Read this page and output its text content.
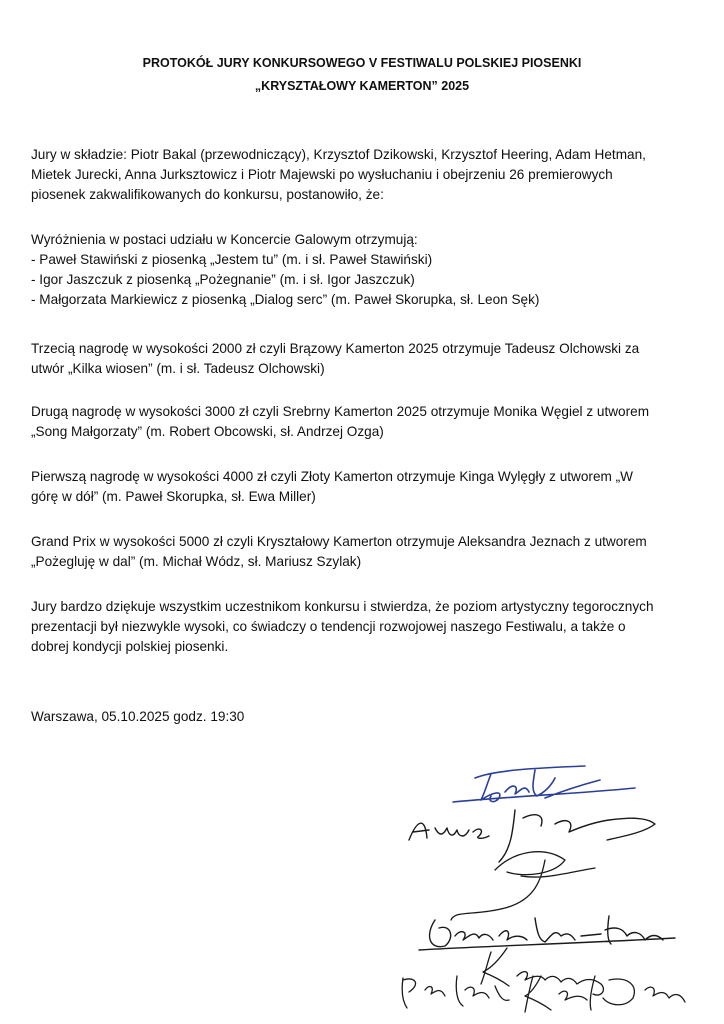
PROTOKÓŁ JURY KONKURSOWEGO V FESTIWALU POLSKIEJ PIOSENKI
„KRYSZTAŁOWY KAMERTON” 2025
Jury w składzie: Piotr Bakal (przewodniczący), Krzysztof Dzikowski, Krzysztof Heering, Adam Hetman,
Mietek Jurecki, Anna Jurksztowicz i Piotr Majewski po wysłuchaniu i obejrzeniu 26 premierowych
piosenek zakwalifikowanych do konkursu, postanowiło, że:
Wyróżnienia w postaci udziału w Koncercie Galowym otrzymują:
- Paweł Stawiński z piosenką „Jestem tu” (m. i sł. Paweł Stawiński)
- Igor Jaszczuk z piosenką „Pożegnanie” (m. i sł. Igor Jaszczuk)
- Małgorzata Markiewicz z piosenką „Dialog serc” (m. Paweł Skorupka, sł. Leon Sęk)
Trzecią nagrodę w wysokości 2000 zł czyli Brązowy Kamerton 2025 otrzymuje Tadeusz Olchowski za
utwór „Kilka wiosen” (m. i sł. Tadeusz Olchowski)
Drugą nagrodę w wysokości 3000 zł czyli Srebrny Kamerton 2025 otrzymuje Monika Węgiel z utworem
„Song Małgorzaty” (m. Robert Obcowski, sł. Andrzej Ozga)
Pierwszą nagrodę w wysokości 4000 zł czyli Złoty Kamerton otrzymuje Kinga Wylęgły z utworem „W
górę w dół” (m. Paweł Skorupka, sł. Ewa Miller)
Grand Prix w wysokości 5000 zł czyli Kryształowy Kamerton otrzymuje Aleksandra Jeznach z utworem
„Pożegluję w dal” (m. Michał Wódz, sł. Mariusz Szylak)
Jury bardzo dziękuje wszystkim uczestnikom konkursu i stwierdza, że poziom artystyczny tegorocznych
prezentacji był niezwykle wysoki, co świadczy o tendencji rozwojowej naszego Festiwalu, a także o
dobrej kondycji polskiej piosenki.
Warszawa, 05.10.2025 godz. 19:30
